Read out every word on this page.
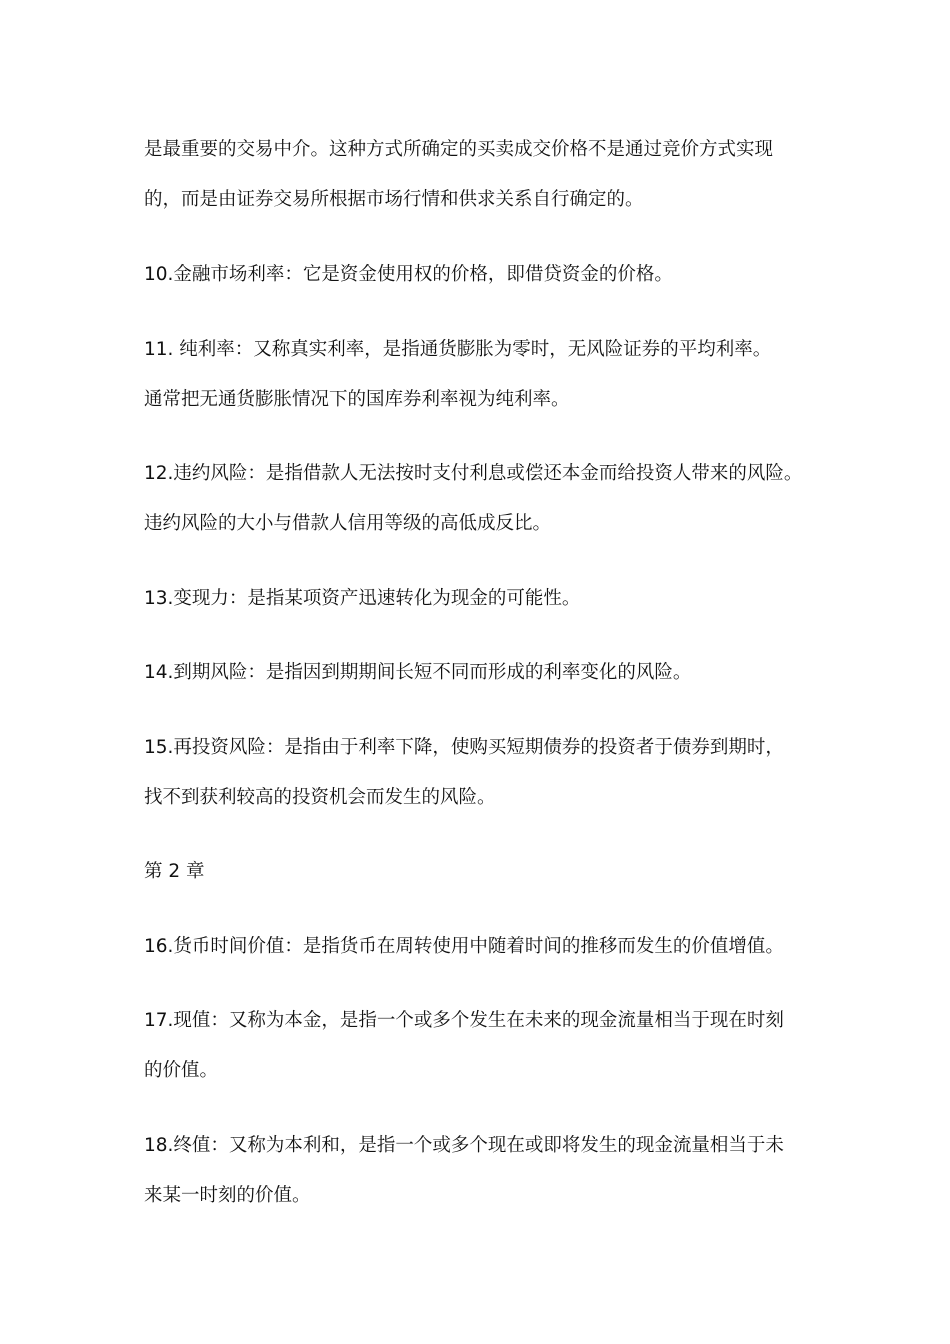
是最重要的交易中介。这种方式所确定的买卖成交价格不是通过竞价方式实现
的，而是由证券交易所根据市场行情和供求关系自行确定的。
10.金融市场利率：它是资金使用权的价格，即借贷资金的价格。
11. 纯利率：又称真实利率，是指通货膨胀为零时，无风险证券的平均利率。
通常把无通货膨胀情况下的国库券利率视为纯利率。
12.违约风险：是指借款人无法按时支付利息或偿还本金而给投资人带来的风险。
违约风险的大小与借款人信用等级的高低成反比。
13.变现力：是指某项资产迅速转化为现金的可能性。
14.到期风险：是指因到期期间长短不同而形成的利率变化的风险。
15.再投资风险：是指由于利率下降，使购买短期债券的投资者于债券到期时，
找不到获利较高的投资机会而发生的风险。
第 2 章
16.货币时间价值：是指货币在周转使用中随着时间的推移而发生的价值增值。
17.现值：又称为本金，是指一个或多个发生在未来的现金流量相当于现在时刻
的价值。
18.终值：又称为本利和，是指一个或多个现在或即将发生的现金流量相当于未
来某一时刻的价值。
